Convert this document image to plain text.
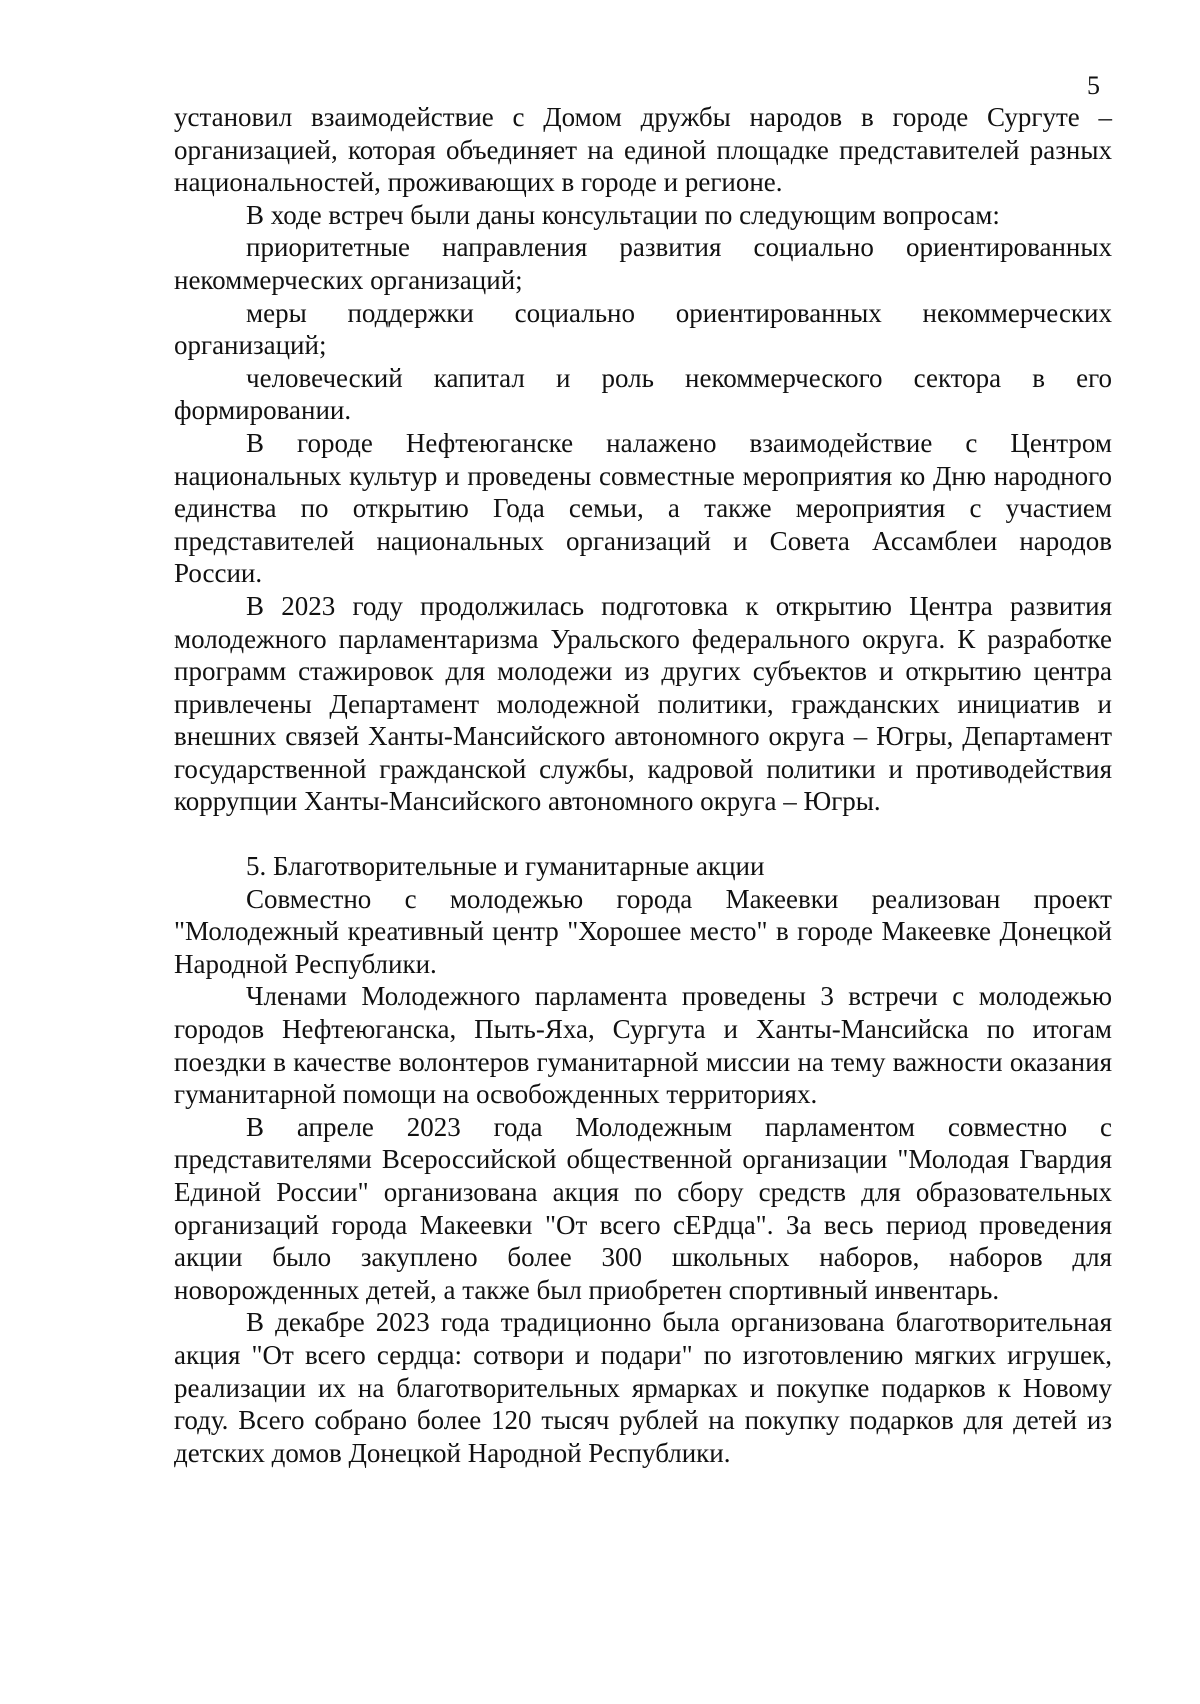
5

установил взаимодействие с Домом дружбы народов в городе Сургуте – организацией, которая объединяет на единой площадке представителей разных национальностей, проживающих в городе и регионе.

В ходе встреч были даны консультации по следующим вопросам:

приоритетные направления развития социально ориентированных некоммерческих организаций;

меры поддержки социально ориентированных некоммерческих организаций;

человеческий капитал и роль некоммерческого сектора в его формировании.

В городе Нефтеюганске налажено взаимодействие с Центром национальных культур и проведены совместные мероприятия ко Дню народного единства по открытию Года семьи, а также мероприятия с участием представителей национальных организаций и Совета Ассамблеи народов России.

В 2023 году продолжилась подготовка к открытию Центра развития молодежного парламентаризма Уральского федерального округа. К разработке программ стажировок для молодежи из других субъектов и открытию центра привлечены Департамент молодежной политики, гражданских инициатив и внешних связей Ханты-Мансийского автономного округа – Югры, Департамент государственной гражданской службы, кадровой политики и противодействия коррупции Ханты-Мансийского автономного округа – Югры.

5. Благотворительные и гуманитарные акции

Совместно с молодежью города Макеевки реализован проект "Молодежный креативный центр "Хорошее место" в городе Макеевке Донецкой Народной Республики.

Членами Молодежного парламента проведены 3 встречи с молодежью городов Нефтеюганска, Пыть-Яха, Сургута и Ханты-Мансийска по итогам поездки в качестве волонтеров гуманитарной миссии на тему важности оказания гуманитарной помощи на освобожденных территориях.

В апреле 2023 года Молодежным парламентом совместно с представителями Всероссийской общественной организации "Молодая Гвардия Единой России" организована акция по сбору средств для образовательных организаций города Макеевки "От всего сЕРдца". За весь период проведения акции было закуплено более 300 школьных наборов, наборов для новорожденных детей, а также был приобретен спортивный инвентарь.

В декабре 2023 года традиционно была организована благотворительная акция "От всего сердца: сотвори и подари" по изготовлению мягких игрушек, реализации их на благотворительных ярмарках и покупке подарков к Новому году. Всего собрано более 120 тысяч рублей на покупку подарков для детей из детских домов Донецкой Народной Республики.
